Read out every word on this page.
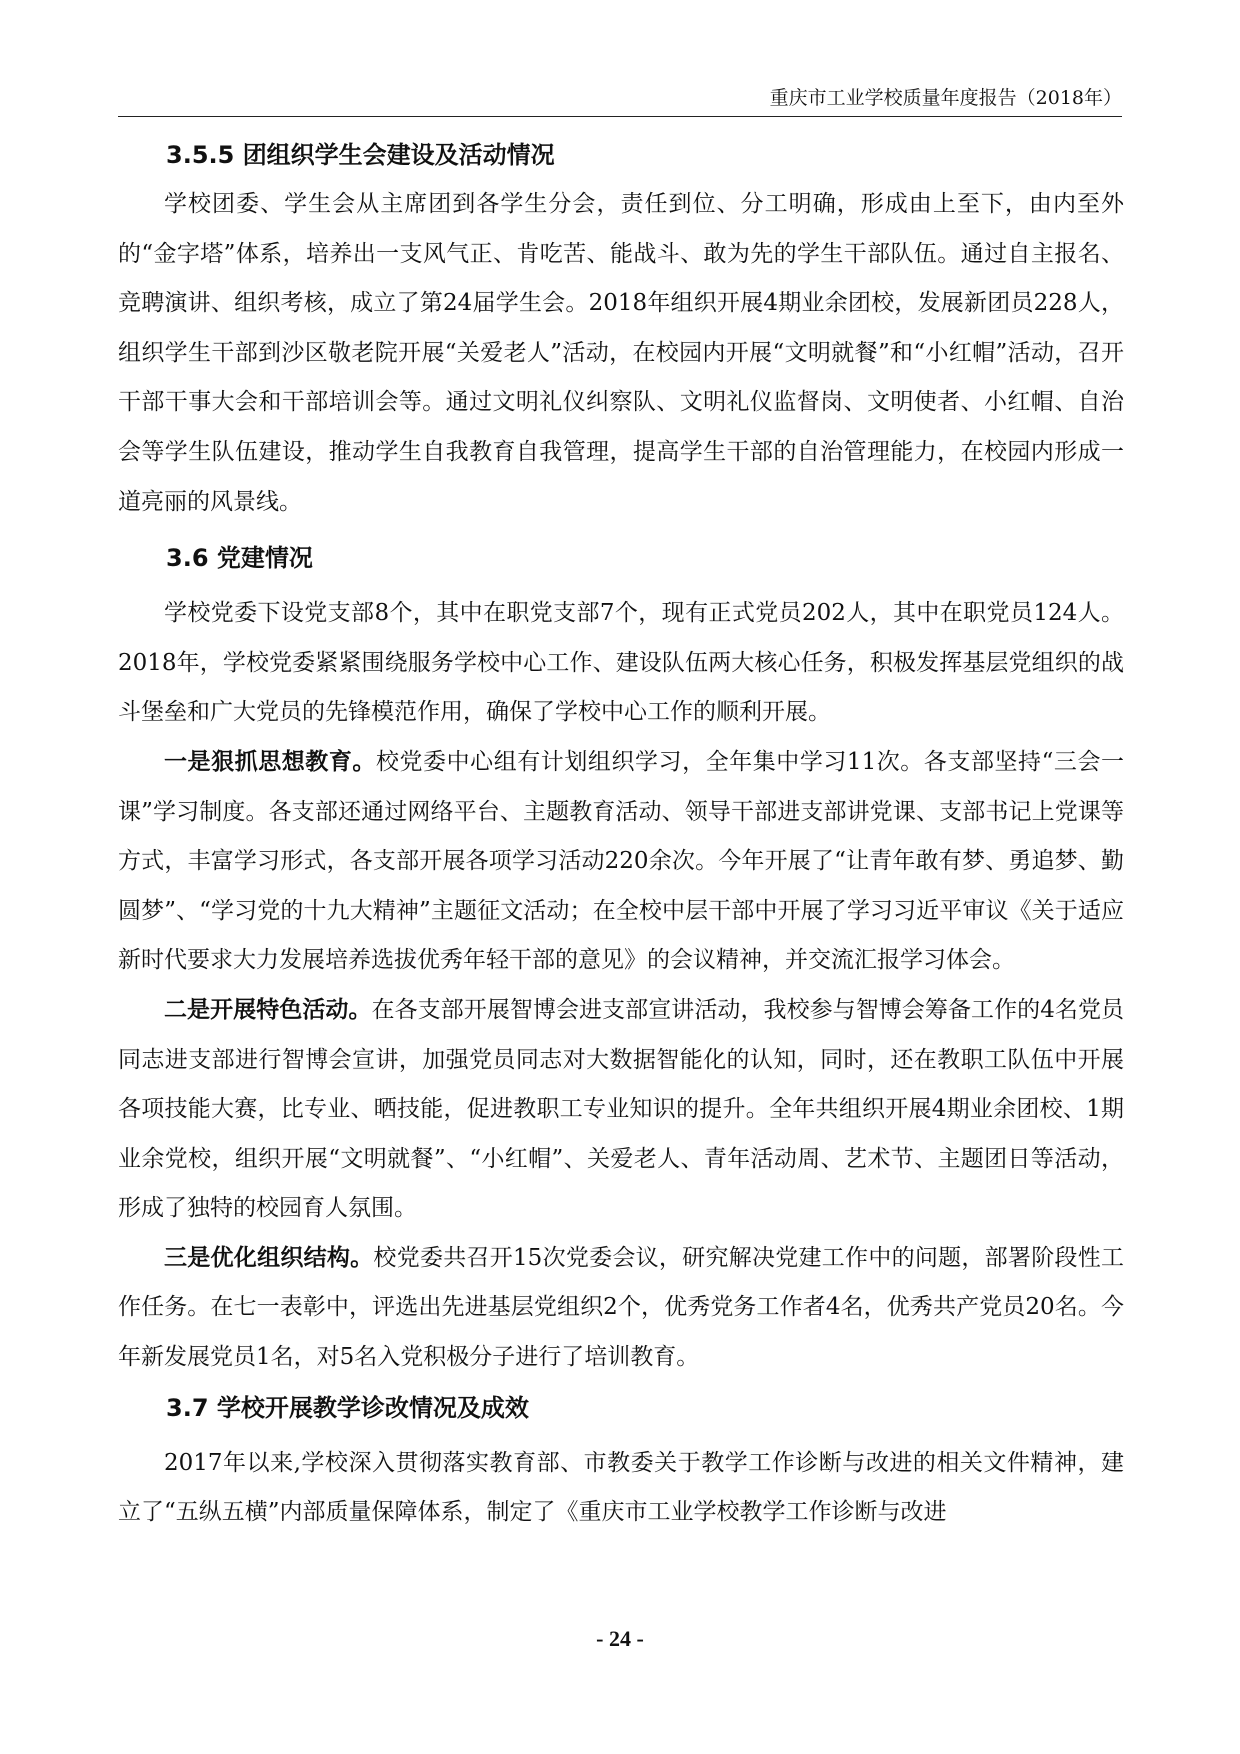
重庆市工业学校质量年度报告（2018年）
3.5.5 团组织学生会建设及活动情况

学校团委、学生会从主席团到各学生分会，责任到位、分工明确，形成由上至下，由内至外的“金字塔”体系，培养出一支风气正、肯吃苦、能战斗、敢为先的学生干部队伍。通过自主报名、竞聘演讲、组织考核，成立了第24届学生会。2018年组织开展4期业余团校，发展新团员228人，组织学生干部到沙区敬老院开展“关爱老人”活动，在校园内开展“文明就餐”和“小红帽”活动，召开干部干事大会和干部培训会等。通过文明礼仪纠察队、文明礼仪监督岗、文明使者、小红帽、自治会等学生队伍建设，推动学生自我教育自我管理，提高学生干部的自治管理能力，在校园内形成一道亮丽的风景线。

3.6 党建情况

学校党委下设党支部8个，其中在职党支部7个，现有正式党员202人，其中在职党员124人。2018年，学校党委紧紧围绕服务学校中心工作、建设队伍两大核心任务，积极发挥基层党组织的战斗堡垒和广大党员的先锋模范作用，确保了学校中心工作的顺利开展。

一是狠抓思想教育。校党委中心组有计划组织学习，全年集中学习11次。各支部坚持“三会一课”学习制度。各支部还通过网络平台、主题教育活动、领导干部进支部讲党课、支部书记上党课等方式，丰富学习形式，各支部开展各项学习活动220余次。今年开展了“让青年敢有梦、勇追梦、勤圆梦”、“学习党的十九大精神”主题征文活动；在全校中层干部中开展了学习习近平审议《关于适应新时代要求大力发展培养选拔优秀年轻干部的意见》的会议精神，并交流汇报学习体会。

二是开展特色活动。在各支部开展智博会进支部宣讲活动，我校参与智博会筹备工作的4名党员同志进支部进行智博会宣讲，加强党员同志对大数据智能化的认知，同时，还在教职工队伍中开展各项技能大赛，比专业、晒技能，促进教职工专业知识的提升。全年共组织开展4期业余团校、1期业余党校，组织开展“文明就餐”、“小红帽”、关爱老人、青年活动周、艺术节、主题团日等活动，形成了独特的校园育人氛围。

三是优化组织结构。校党委共召开15次党委会议，研究解决党建工作中的问题，部署阶段性工作任务。在七一表彰中，评选出先进基层党组织2个，优秀党务工作者4名，优秀共产党员20名。今年新发展党员1名，对5名入党积极分子进行了培训教育。

3.7 学校开展教学诊改情况及成效

2017年以来,学校深入贯彻落实教育部、市教委关于教学工作诊断与改进的相关文件精神，建立了“五纵五横”内部质量保障体系，制定了《重庆市工业学校教学工作诊断与改进

- 24 -
